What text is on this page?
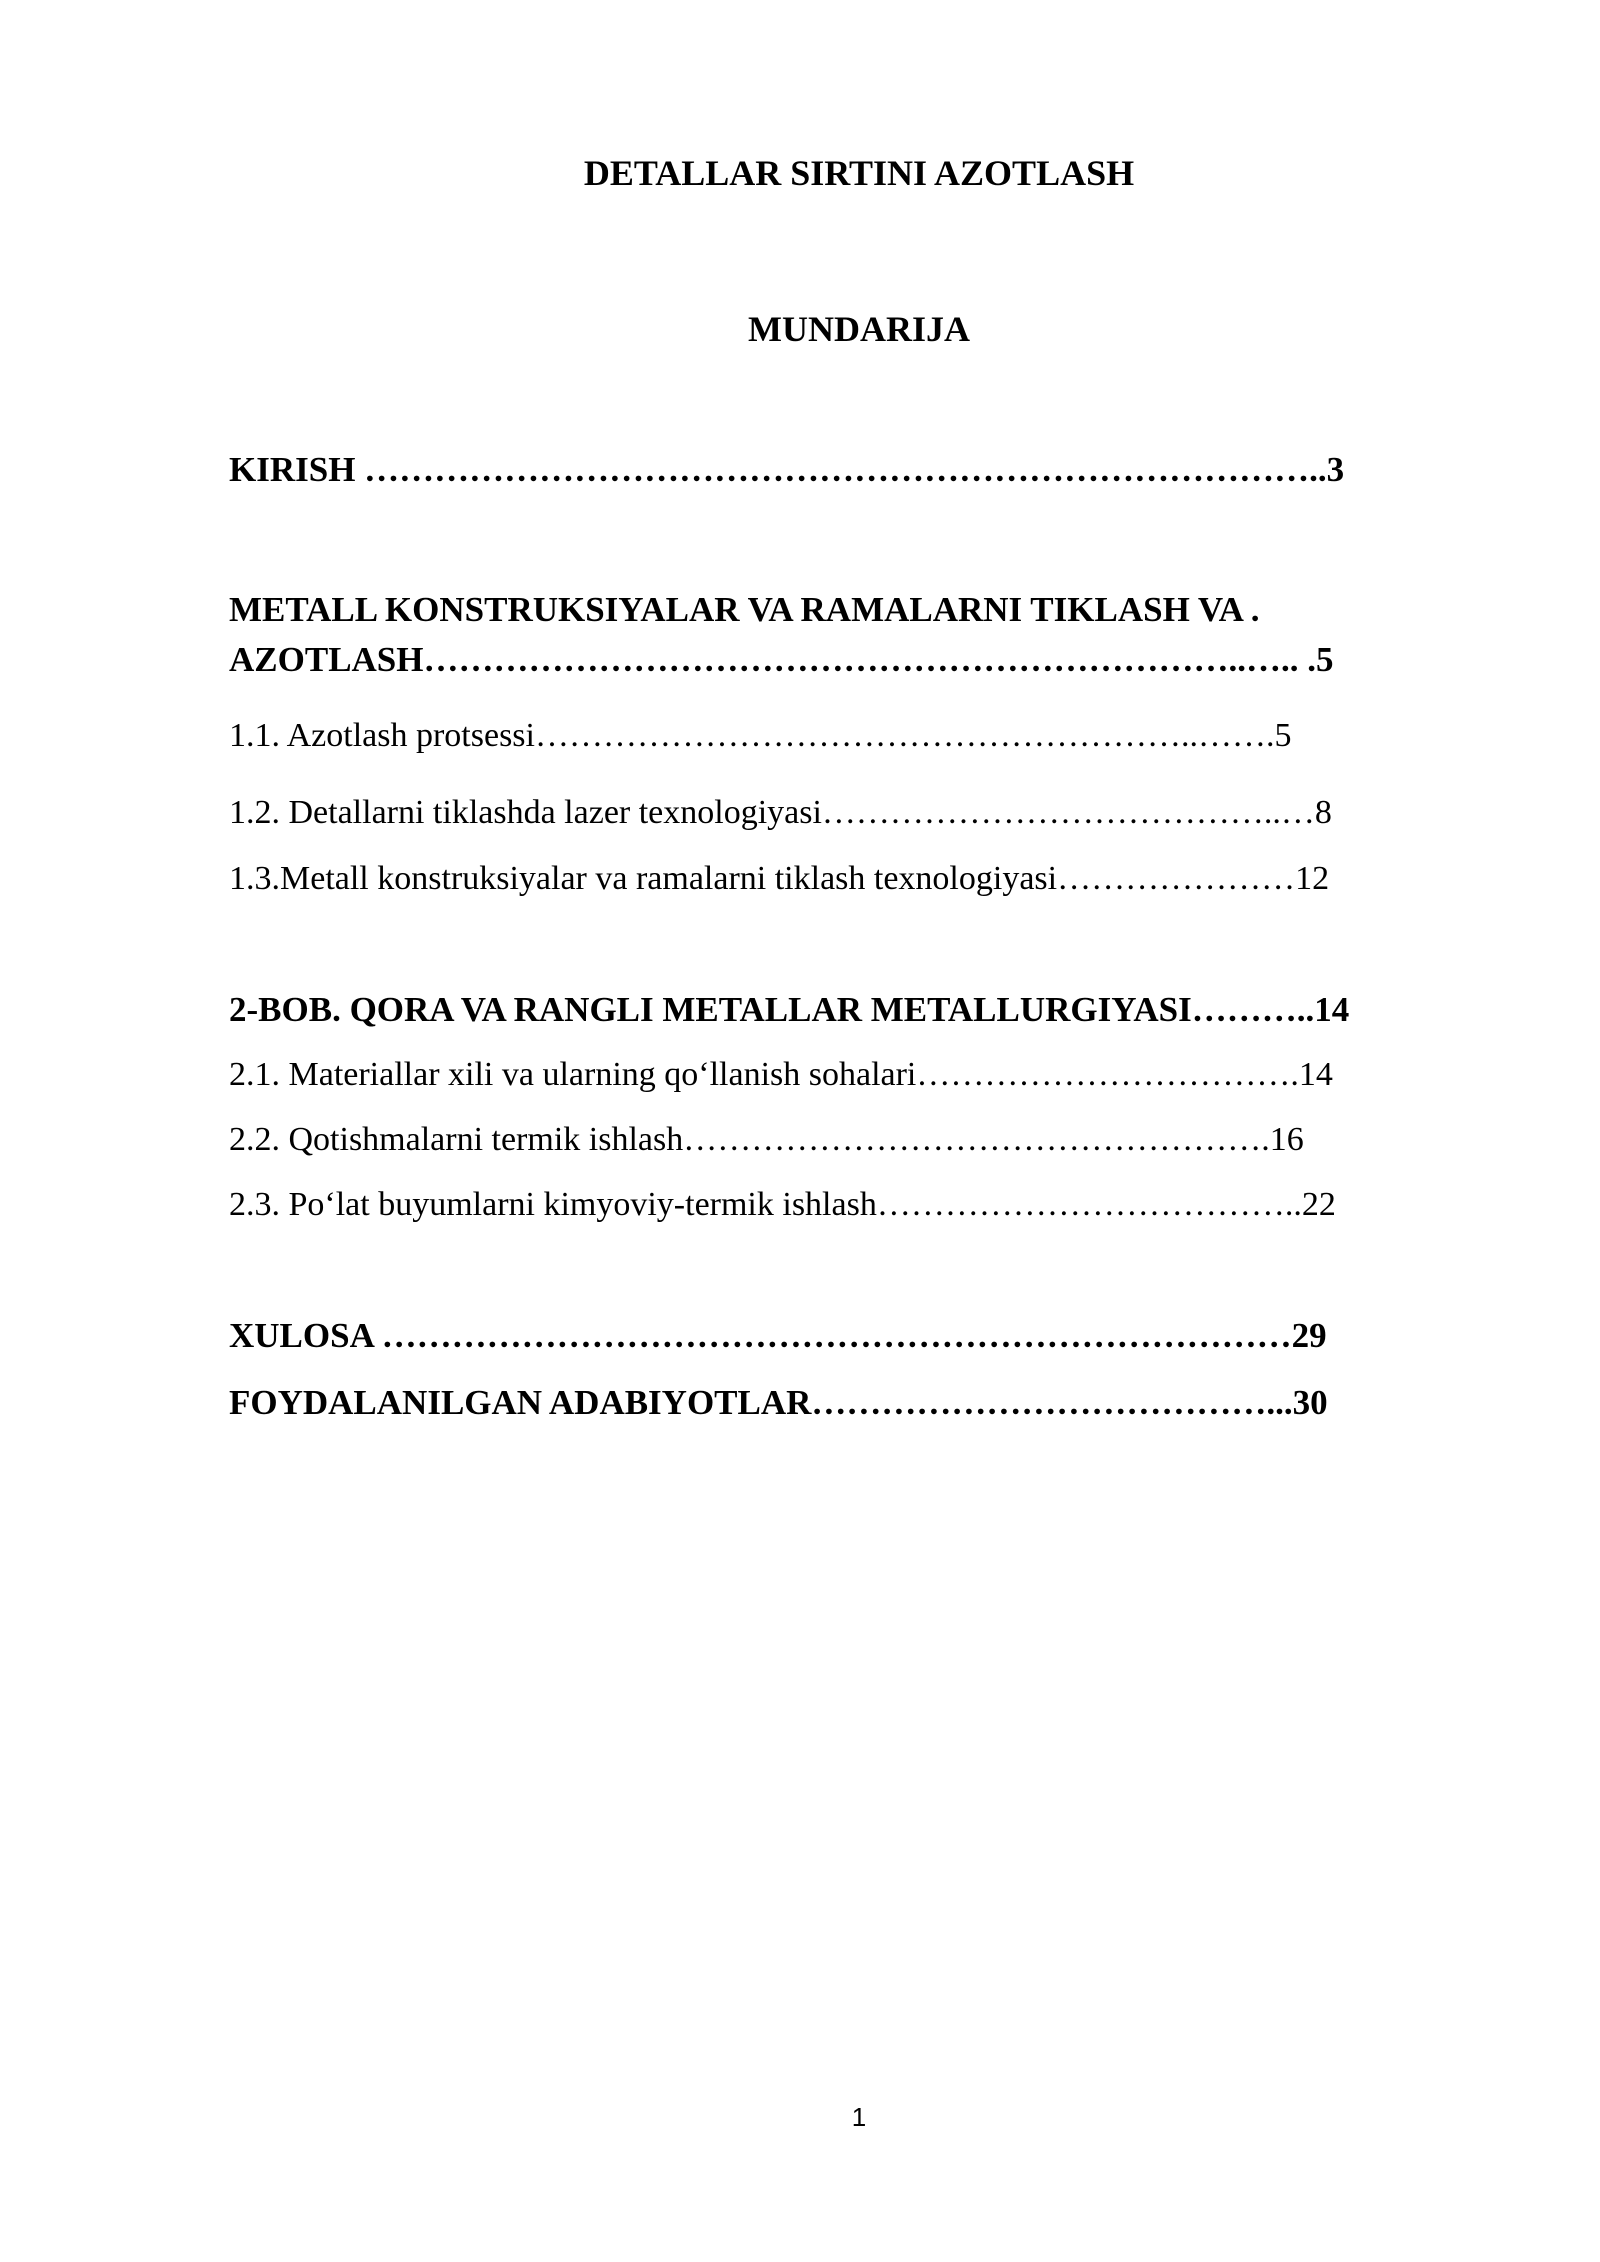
DETALLAR SIRTINI AZOTLASH
MUNDARIJA
KIRISH ………………………………………………………………………..3
METALL KONSTRUKSIYALAR VA RAMALARNI TIKLASH VA .
AZOTLASH……………………………………………………………..….. .5
1.1. Azotlash protsessi…………………………………………………..…….5
1.2. Detallarni tiklashda lazer texnologiyasi…………………………………..…8
1.3.Metall konstruksiyalar va ramalarni tiklash texnologiyasi…………………12
2-BOB. QORA VA RANGLI METALLAR METALLURGIYASI………..14
2.1. Materiallar xili va ularning qo‘llanish sohalari…………………………….14
2.2. Qotishmalarni termik ishlash…………………………………………….16
2.3. Po‘lat buyumlarni kimyoviy-termik ishlash………………………………..22
XULOSA ……………………………………………………………………29
FOYDALANILGAN ADABIYOTLAR…………………………………...30
1
